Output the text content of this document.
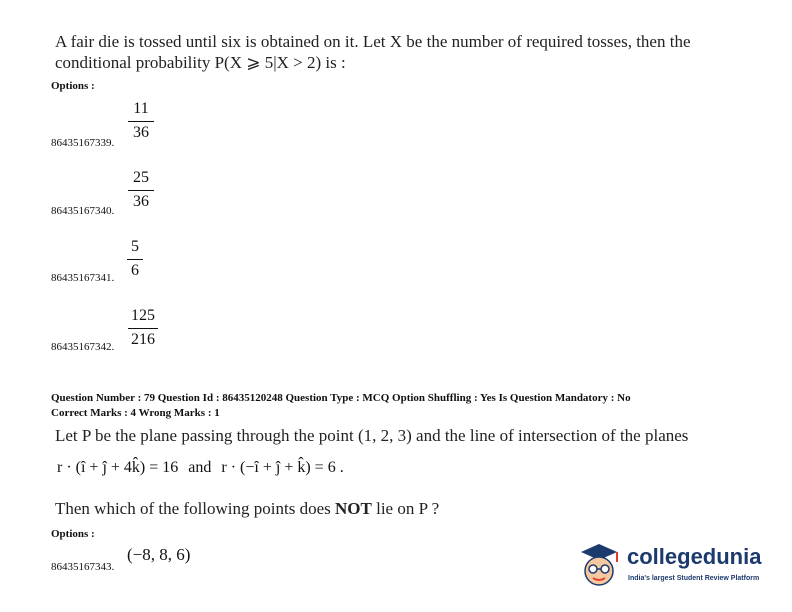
A fair die is tossed until six is obtained on it. Let X be the number of required tosses, then the
conditional probability P(X ⩾ 5|X > 2) is :
Options :
86435167339.
11
36
86435167340.
25
36
86435167341.
5
6
86435167342.
125
216
Question Number : 79 Question Id : 86435120248 Question Type : MCQ Option Shuffling : Yes Is Question Mandatory : No
Correct Marks : 4 Wrong Marks : 1
Let P be the plane passing through the point (1, 2, 3) and the line of intersection of the planes
r · (î + ĵ + 4k̂) = 16 and r · (−î + ĵ + k̂) = 6 .
Then which of the following points does NOT lie on P ?
Options :
86435167343.
(−8, 8, 6)	collegedunia
India's largest Student Review Platform
